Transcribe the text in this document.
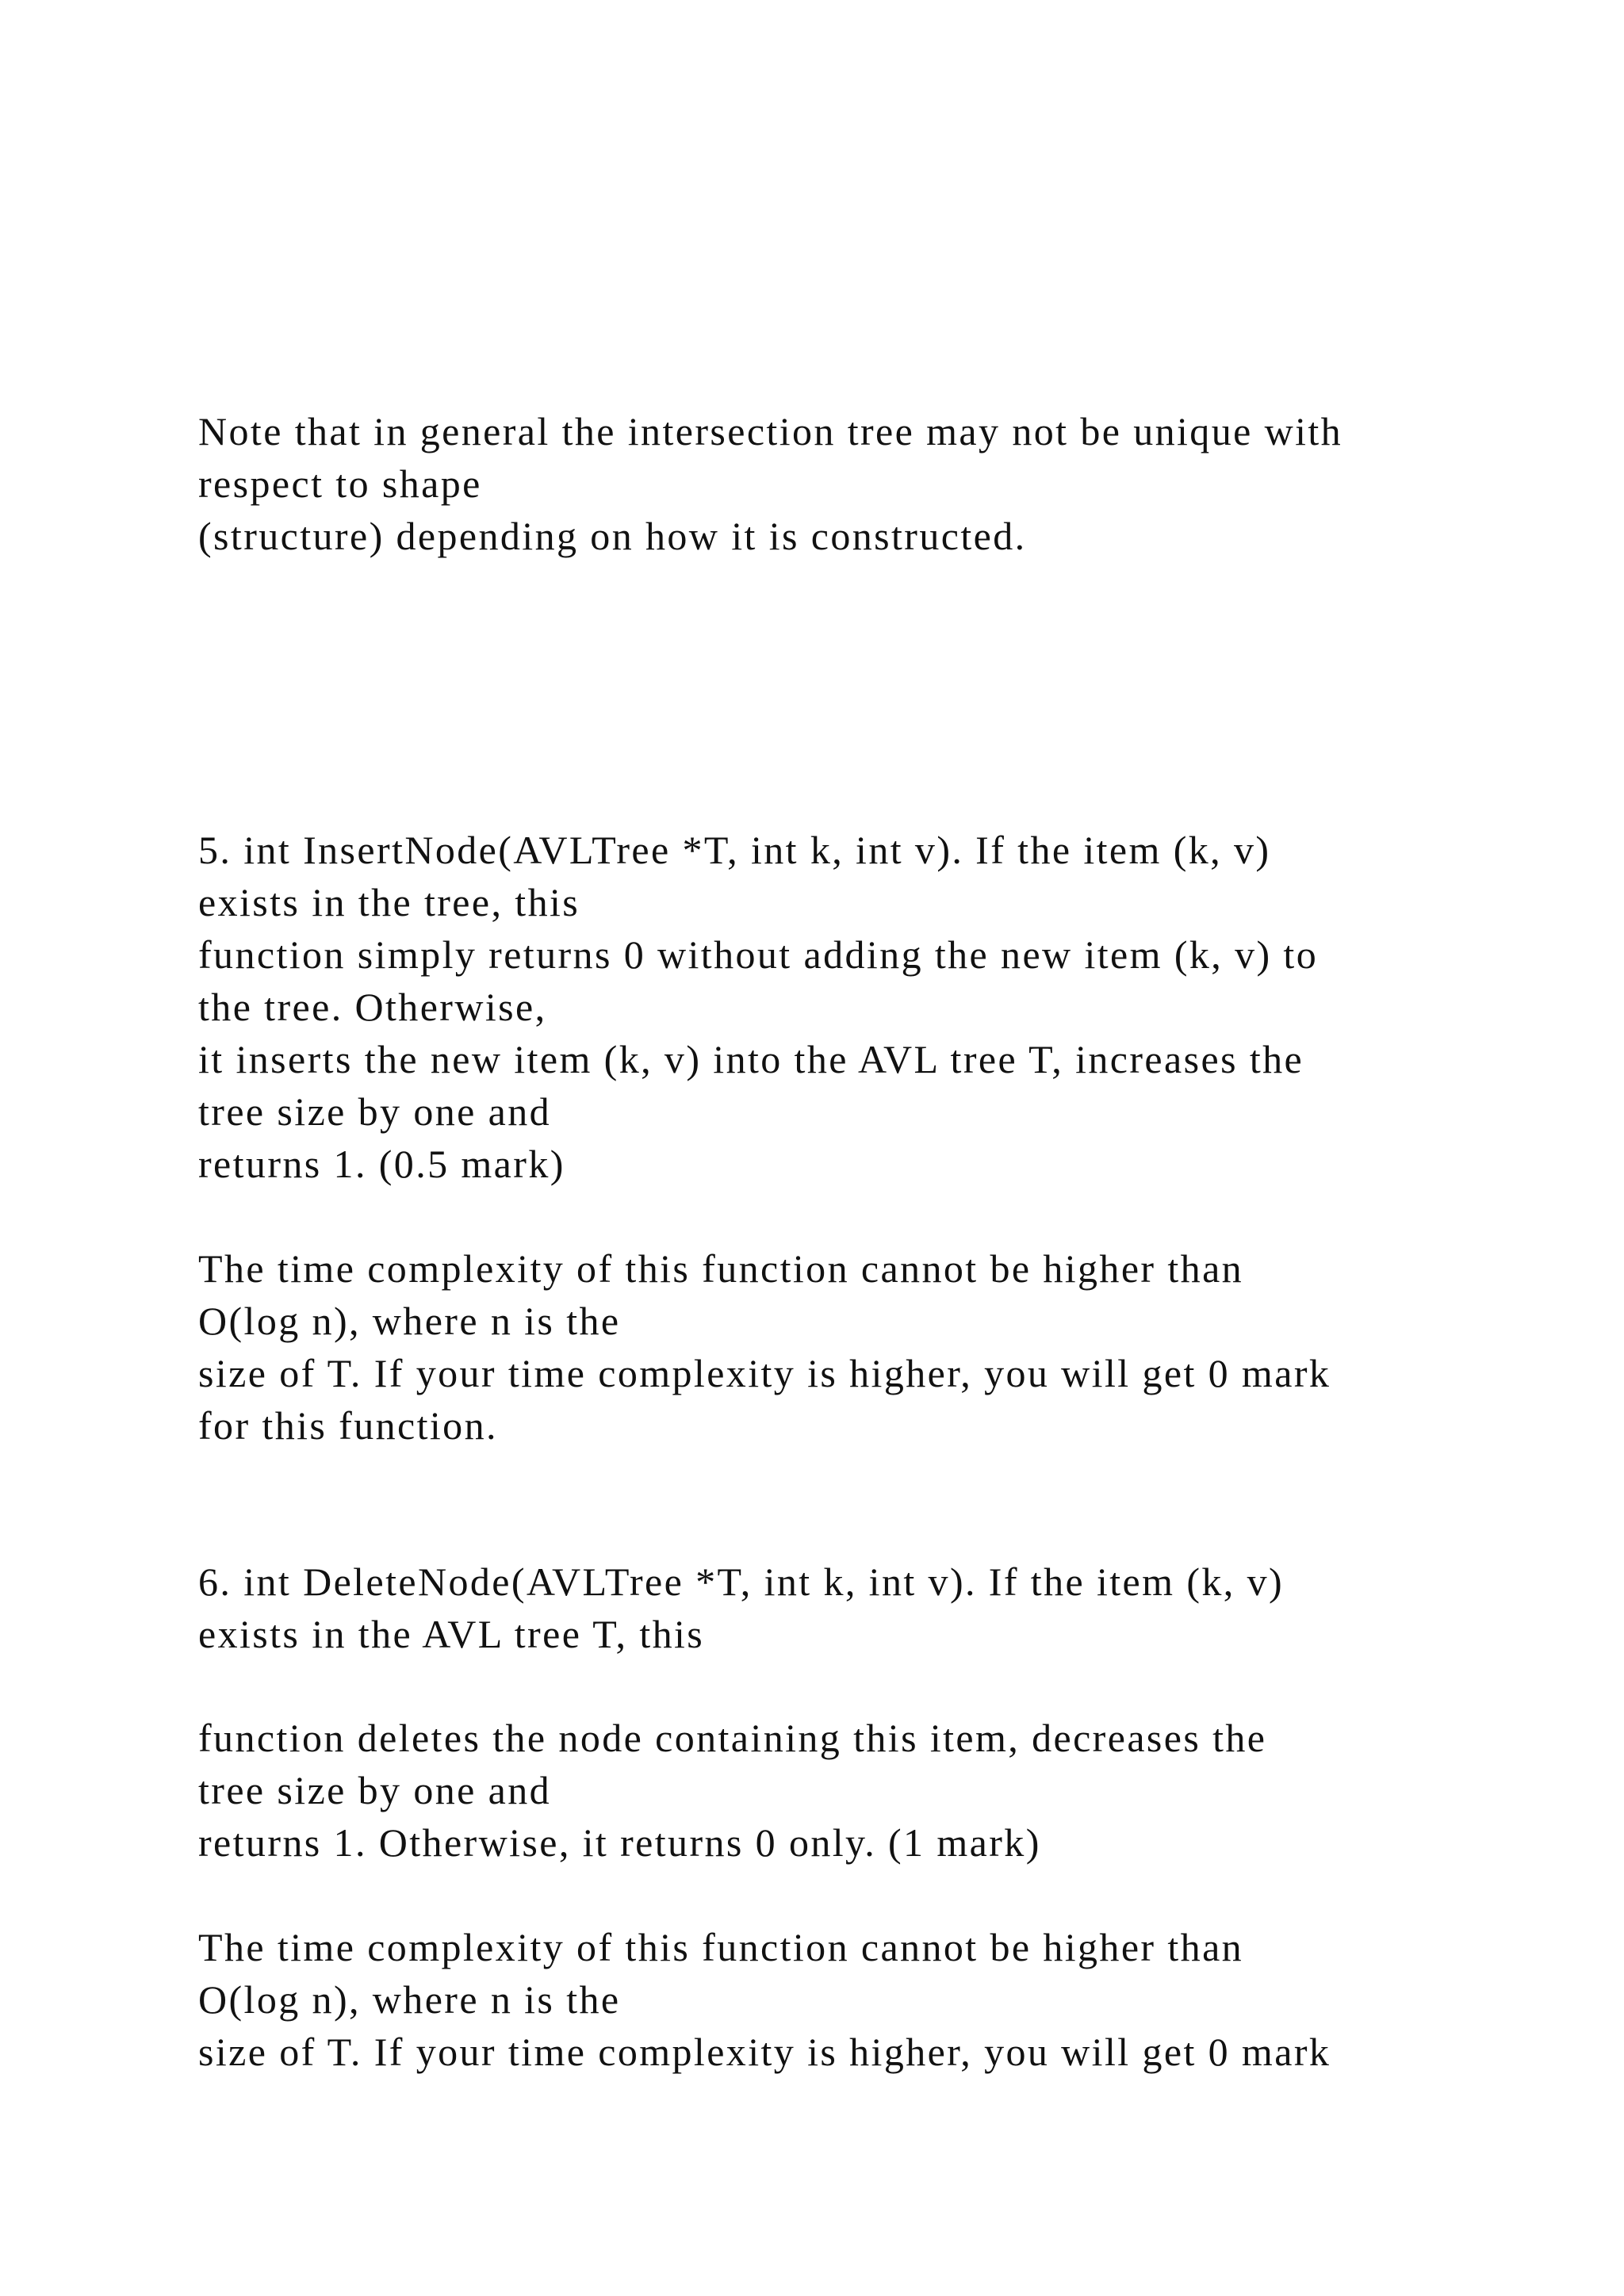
Note that in general the intersection tree may not be unique with
respect to shape
(structure) depending on how it is constructed.
5. int InsertNode(AVLTree *T, int k, int v). If the item (k, v)
exists in the tree, this
function simply returns 0 without adding the new item (k, v) to
the tree. Otherwise,
it inserts the new item (k, v) into the AVL tree T, increases the
tree size by one and
returns 1. (0.5 mark)
The time complexity of this function cannot be higher than
O(log n), where n is the
size of T. If your time complexity is higher, you will get 0 mark
for this function.
6. int DeleteNode(AVLTree *T, int k, int v). If the item (k, v)
exists in the AVL tree T, this
function deletes the node containing this item, decreases the
tree size by one and
returns 1. Otherwise, it returns 0 only. (1 mark)
The time complexity of this function cannot be higher than
O(log n), where n is the
size of T. If your time complexity is higher, you will get 0 mark
